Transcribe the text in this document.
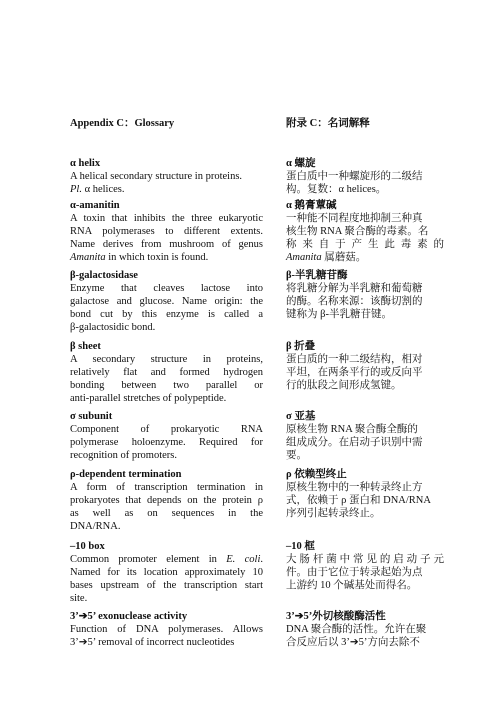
Appendix C：Glossary
α helix
A helical secondary structure in proteins.
Pl. α helices.
α-amanitin
A toxin that inhibits the three eukaryotic
RNA polymerases to different extents.
Name derives from mushroom of genus
Amanita in which toxin is found.
β-galactosidase
Enzyme that cleaves lactose into
galactose and glucose. Name origin: the
bond cut by this enzyme is called a
β-galactosidic bond.
β sheet
A secondary structure in proteins,
relatively flat and formed hydrogen
bonding between two parallel or
anti-parallel stretches of polypeptide.
σ subunit
Component of prokaryotic RNA
polymerase holoenzyme. Required for
recognition of promoters.
ρ-dependent termination
A form of transcription termination in
prokaryotes that depends on the protein ρ
as well as on sequences in the
DNA/RNA.
–10 box
Common promoter element in E. coli.
Named for its location approximately 10
bases upstream of the transcription start
site.
3’➔5’ exonuclease activity
Function of DNA polymerases. Allows
3’➔5’ removal of incorrect nucleotides
附录 C：名词解释
α 螺旋
蛋白质中一种螺旋形的二级结
构。复数：α helices。
α 鹅膏蕈碱
一种能不同程度地抑制三种真
核生物 RNA 聚合酶的毒素。名
称来自于产生此毒素的
Amanita 属蘑菇。
β-半乳糖苷酶
将乳糖分解为半乳糖和葡萄糖
的酶。名称来源：该酶切割的
键称为 β-半乳糖苷键。
β 折叠
蛋白质的一种二级结构，相对
平坦，在两条平行的或反向平
行的肽段之间形成氢键。
σ 亚基
原核生物 RNA 聚合酶全酶的
组成成分。在启动子识别中需
要。
ρ 依赖型终止
原核生物中的一种转录终止方
式，依赖于 ρ 蛋白和 DNA/RNA
序列引起转录终止。
–10 框
大肠杆菌中常见的启动子元
件。由于它位于转录起始为点
上游约 10 个碱基处而得名。
3’➔5’外切核酸酶活性
DNA 聚合酶的活性。允许在聚
合反应后以 3’➔5’方向去除不
